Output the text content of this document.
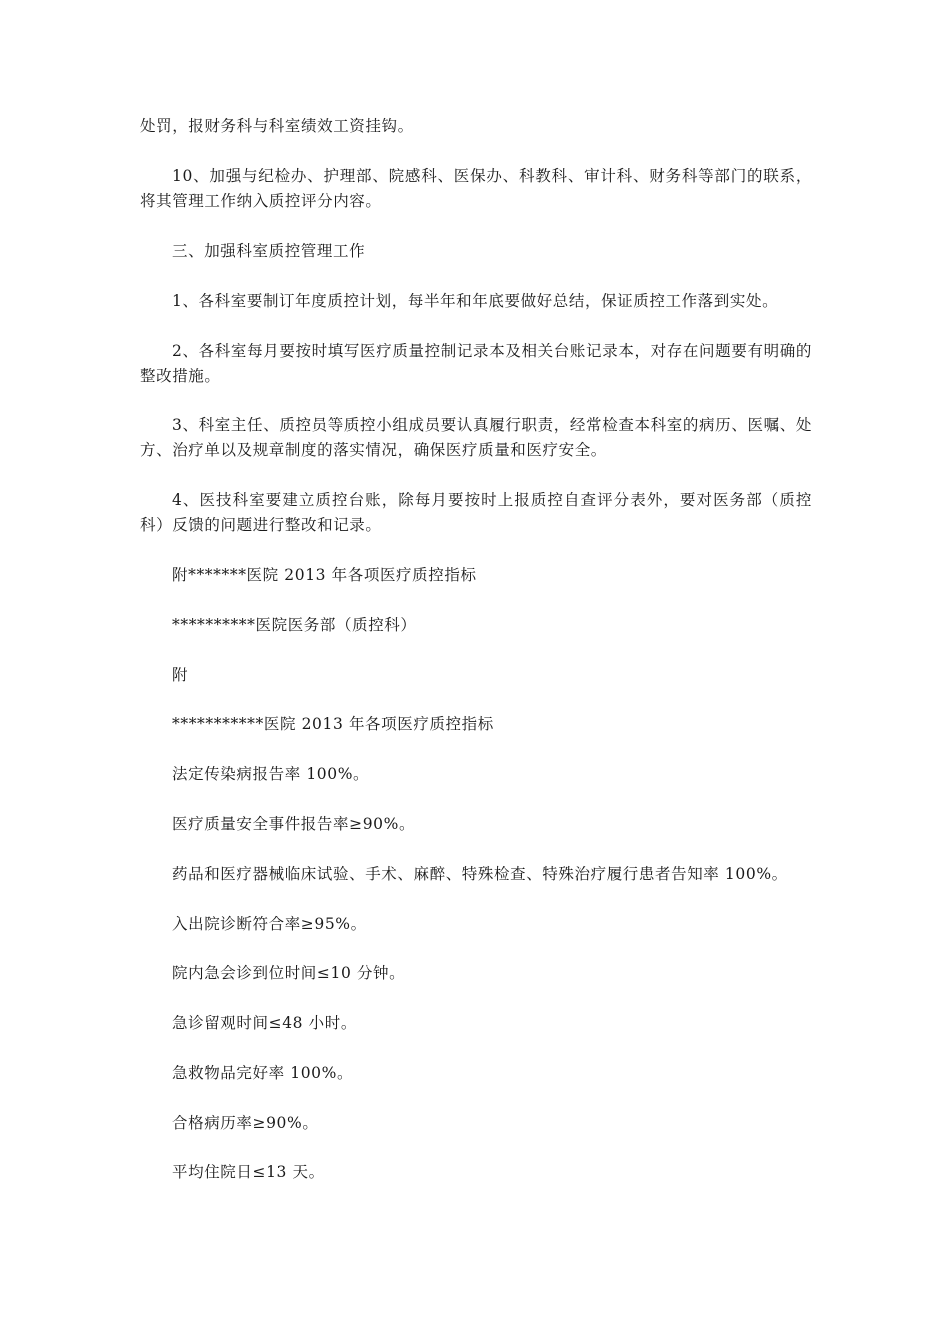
处罚，报财务科与科室绩效工资挂钩。
10、加强与纪检办、护理部、院感科、医保办、科教科、审计科、财务科等部门的联系，将其管理工作纳入质控评分内容。
三、加强科室质控管理工作
1、各科室要制订年度质控计划，每半年和年底要做好总结，保证质控工作落到实处。
2、各科室每月要按时填写医疗质量控制记录本及相关台账记录本，对存在问题要有明确的整改措施。
3、科室主任、质控员等质控小组成员要认真履行职责，经常检查本科室的病历、医嘱、处方、治疗单以及规章制度的落实情况，确保医疗质量和医疗安全。
4、医技科室要建立质控台账，除每月要按时上报质控自查评分表外，要对医务部（质控科）反馈的问题进行整改和记录。
附*******医院 2013 年各项医疗质控指标
**********医院医务部（质控科）
附
***********医院 2013 年各项医疗质控指标
法定传染病报告率 100%。
医疗质量安全事件报告率≥90%。
药品和医疗器械临床试验、手术、麻醉、特殊检查、特殊治疗履行患者告知率 100%。
入出院诊断符合率≥95%。
院内急会诊到位时间≤10 分钟。
急诊留观时间≤48 小时。
急救物品完好率 100%。
合格病历率≥90%。
平均住院日≤13 天。
